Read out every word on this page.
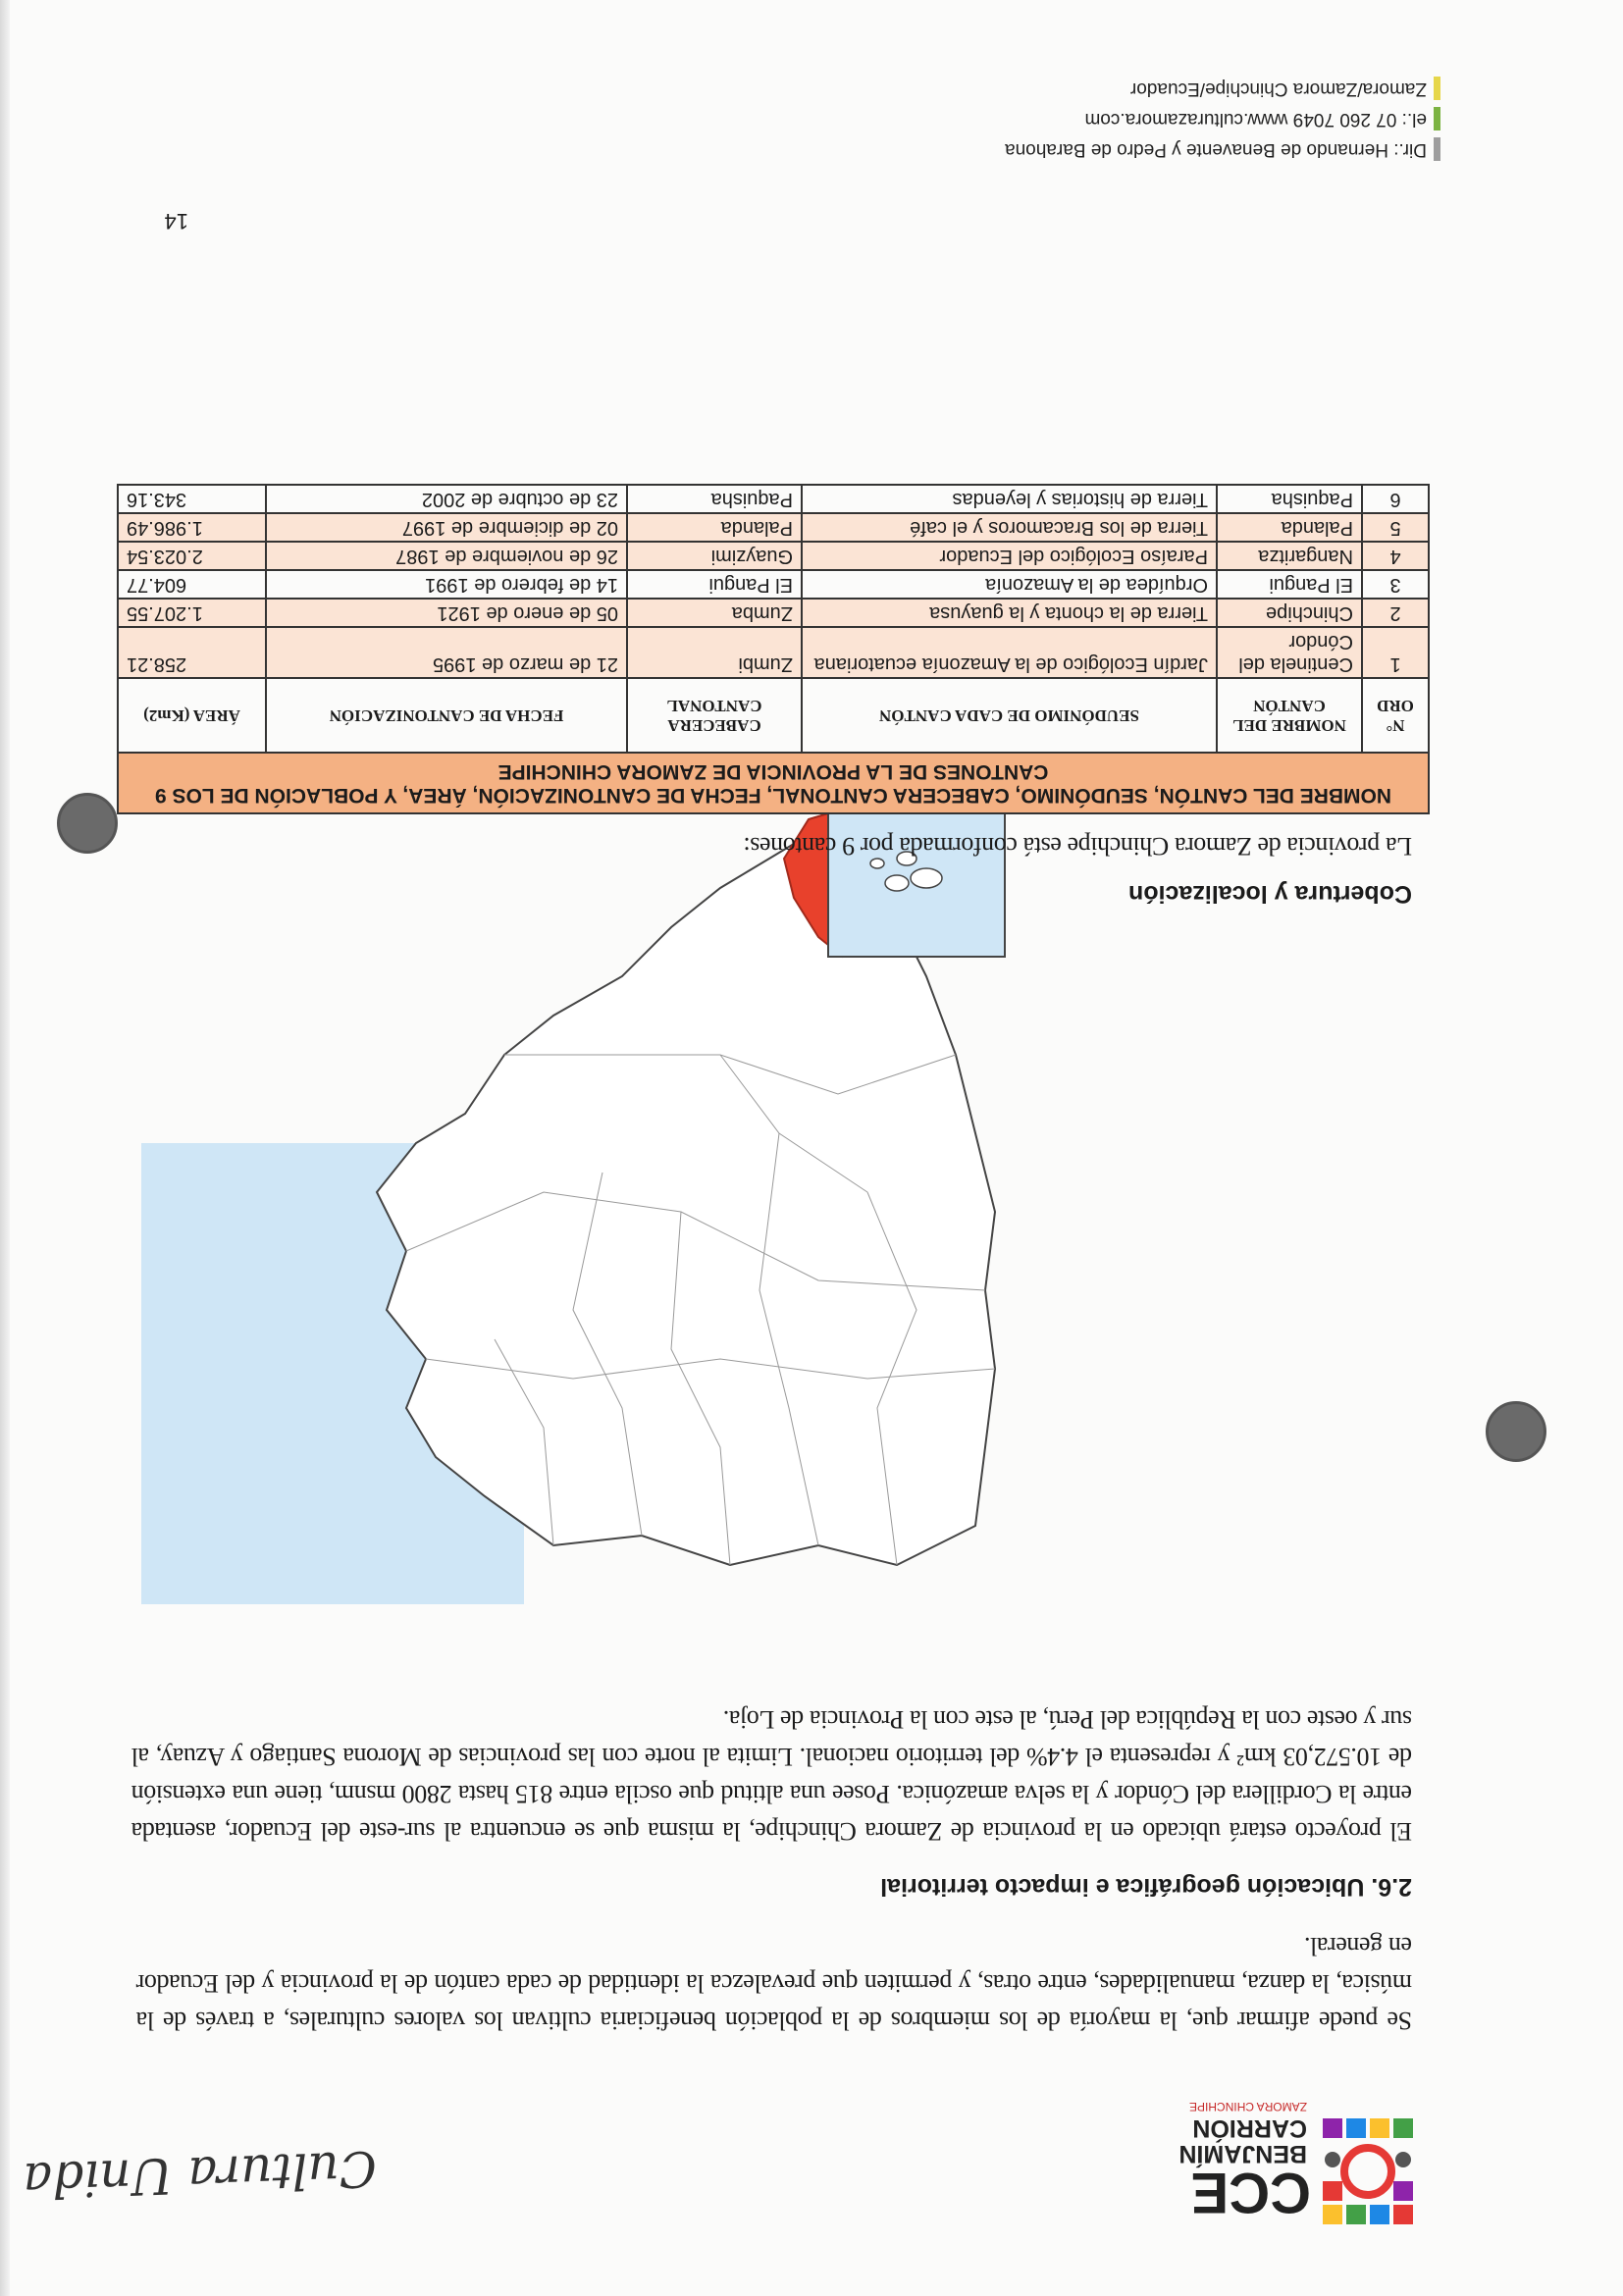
CCE
BENJAMÍN
CARRIÓN
ZAMORA CHINCHIPE
Cultura Unida

Se puede afirmar que, la mayoría de los miembros de la población beneficiaria cultivan los valores culturales, a través de la música, la danza, manualidades, entre otras, y permiten que prevalezca la identidad de cada cantón de la provincia y del Ecuador en general.

2.6. Ubicación geográfica e impacto territorial

El proyecto estará ubicado en la provincia de Zamora Chinchipe, la misma que se encuentra al sur-este del Ecuador, asentada entre la Cordillera del Cóndor y la selva amazónica. Posee una altitud que oscila entre 815 hasta 2800 msnm, tiene una extensión de 10.572,03 km² y representa el 4.4% del territorio nacional. Limita al norte con las provincias de Morona Santiago y Azuay, al sur y oeste con la República del Perú, al este con la Provincia de Loja.

Cobertura y localización

La provincia de Zamora Chinchipe está conformada por 9 cantones:

NOMBRE DEL CANTÓN, SEUDÓNIMO, CABECERA CANTONAL, FECHA DE CANTONIZACIÓN, ÁREA, Y POBLACIÓN DE LOS 9 CANTONES DE LA PROVINCIA DE ZAMORA CHINCHIPE					
N° ORD	NOMBRE DEL CANTÓN	SEUDÓNIMO DE CADA CANTÓN	CABECERA CANTONAL	FECHA DE CANTONIZACIÓN	ÁREA (Km2)
1	Centinela del Cóndor	Jardín Ecológico de la Amazonía ecuatoriana	Zumbi	21 de marzo de 1995	258.21
2	Chinchipe	Tierra de la chonta y la guayusa	Zumba	05 de enero de 1921	1.207.55
3	El Pangui	Orquídea de la Amazonía	El Pangui	14 de febrero de 1991	604.77
4	Nangaritza	Paraíso Ecológico del Ecuador	Guayzimi	26 de noviembre de 1987	2.023.54
5	Palanda	Tierra de los Bracamoros y el café	Palanda	02 de diciembre de 1997	1.986.49
6	Paquisha	Tierra de historias y leyendas	Paquisha	23 de octubre de 2002	343.16
14
Dir.: Hernando de Benavente y Pedro de Barahona
el.: 07 260 7049 www.culturazamora.com
Zamora/Zamora Chinchipe/Ecuador
